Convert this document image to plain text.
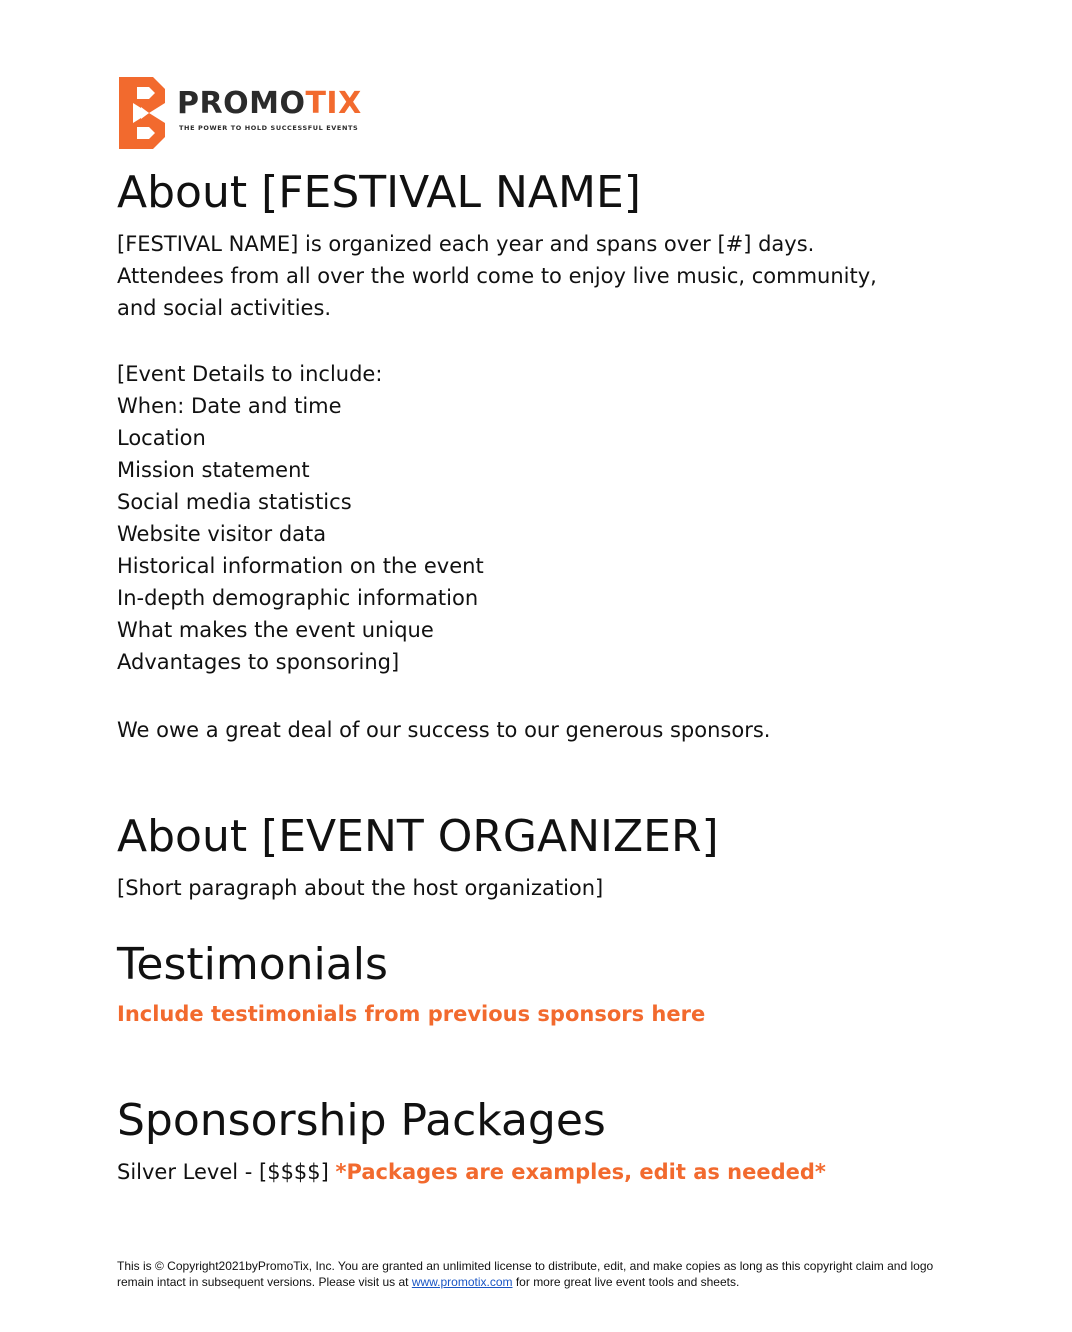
PROMOTIX
THE POWER TO HOLD SUCCESSFUL EVENTS
About [FESTIVAL NAME]
[FESTIVAL NAME] is organized each year and spans over [#] days.
Attendees from all over the world come to enjoy live music, community,
and social activities.
[Event Details to include:
When: Date and time
Location
Mission statement
Social media statistics
Website visitor data
Historical information on the event
In-depth demographic information
What makes the event unique
Advantages to sponsoring]
We owe a great deal of our success to our generous sponsors.
About [EVENT ORGANIZER]
[Short paragraph about the host organization]
Testimonials
Include testimonials from previous sponsors here
Sponsorship Packages
Silver Level - [$$$$] *Packages are examples, edit as needed*
This is © Copyright2021byPromoTix, Inc. You are granted an unlimited license to distribute, edit, and make copies as long as this copyright claim and logo remain intact in subsequent versions. Please visit us at www.promotix.com for more great live event tools and sheets.
